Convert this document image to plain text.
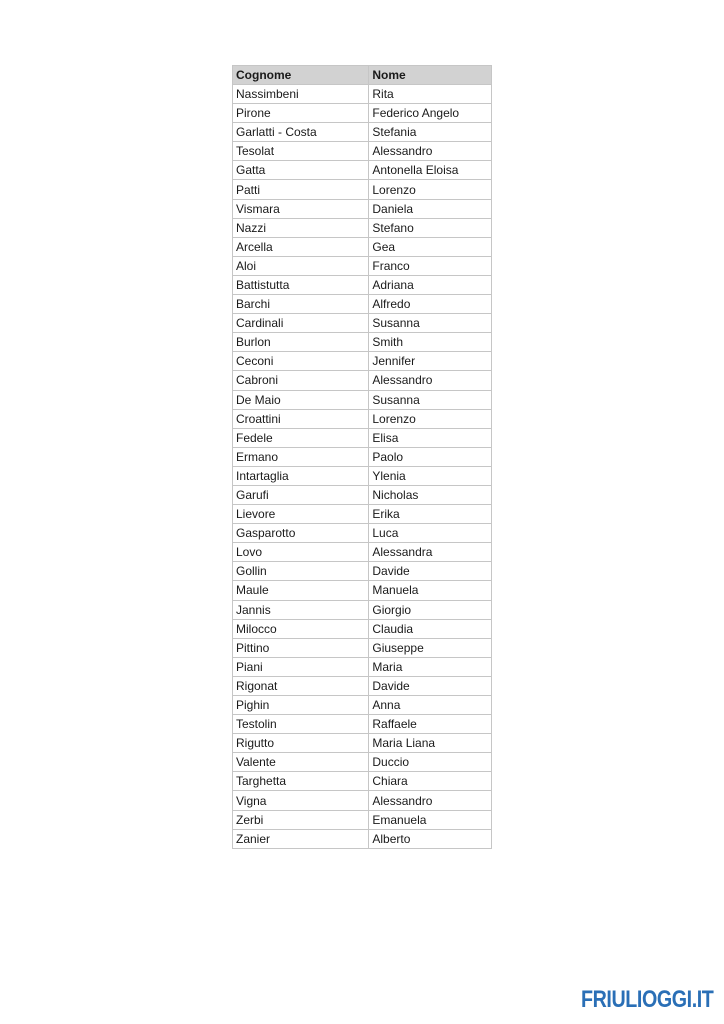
Cognome	Nome
Nassimbeni	Rita
Pirone	Federico Angelo
Garlatti - Costa	Stefania
Tesolat	Alessandro
Gatta	Antonella Eloisa
Patti	Lorenzo
Vismara	Daniela
Nazzi	Stefano
Arcella	Gea
Aloi	Franco
Battistutta	Adriana
Barchi	Alfredo
Cardinali	Susanna
Burlon	Smith
Ceconi	Jennifer
Cabroni	Alessandro
De Maio	Susanna
Croattini	Lorenzo
Fedele	Elisa
Ermano	Paolo
Intartaglia	Ylenia
Garufi	Nicholas
Lievore	Erika
Gasparotto	Luca
Lovo	Alessandra
Gollin	Davide
Maule	Manuela
Jannis	Giorgio
Milocco	Claudia
Pittino	Giuseppe
Piani	Maria
Rigonat	Davide
Pighin	Anna
Testolin	Raffaele
Rigutto	Maria Liana
Valente	Duccio
Targhetta	Chiara
Vigna	Alessandro
Zerbi	Emanuela
Zanier	Alberto
FRIULIOGGI.IT
